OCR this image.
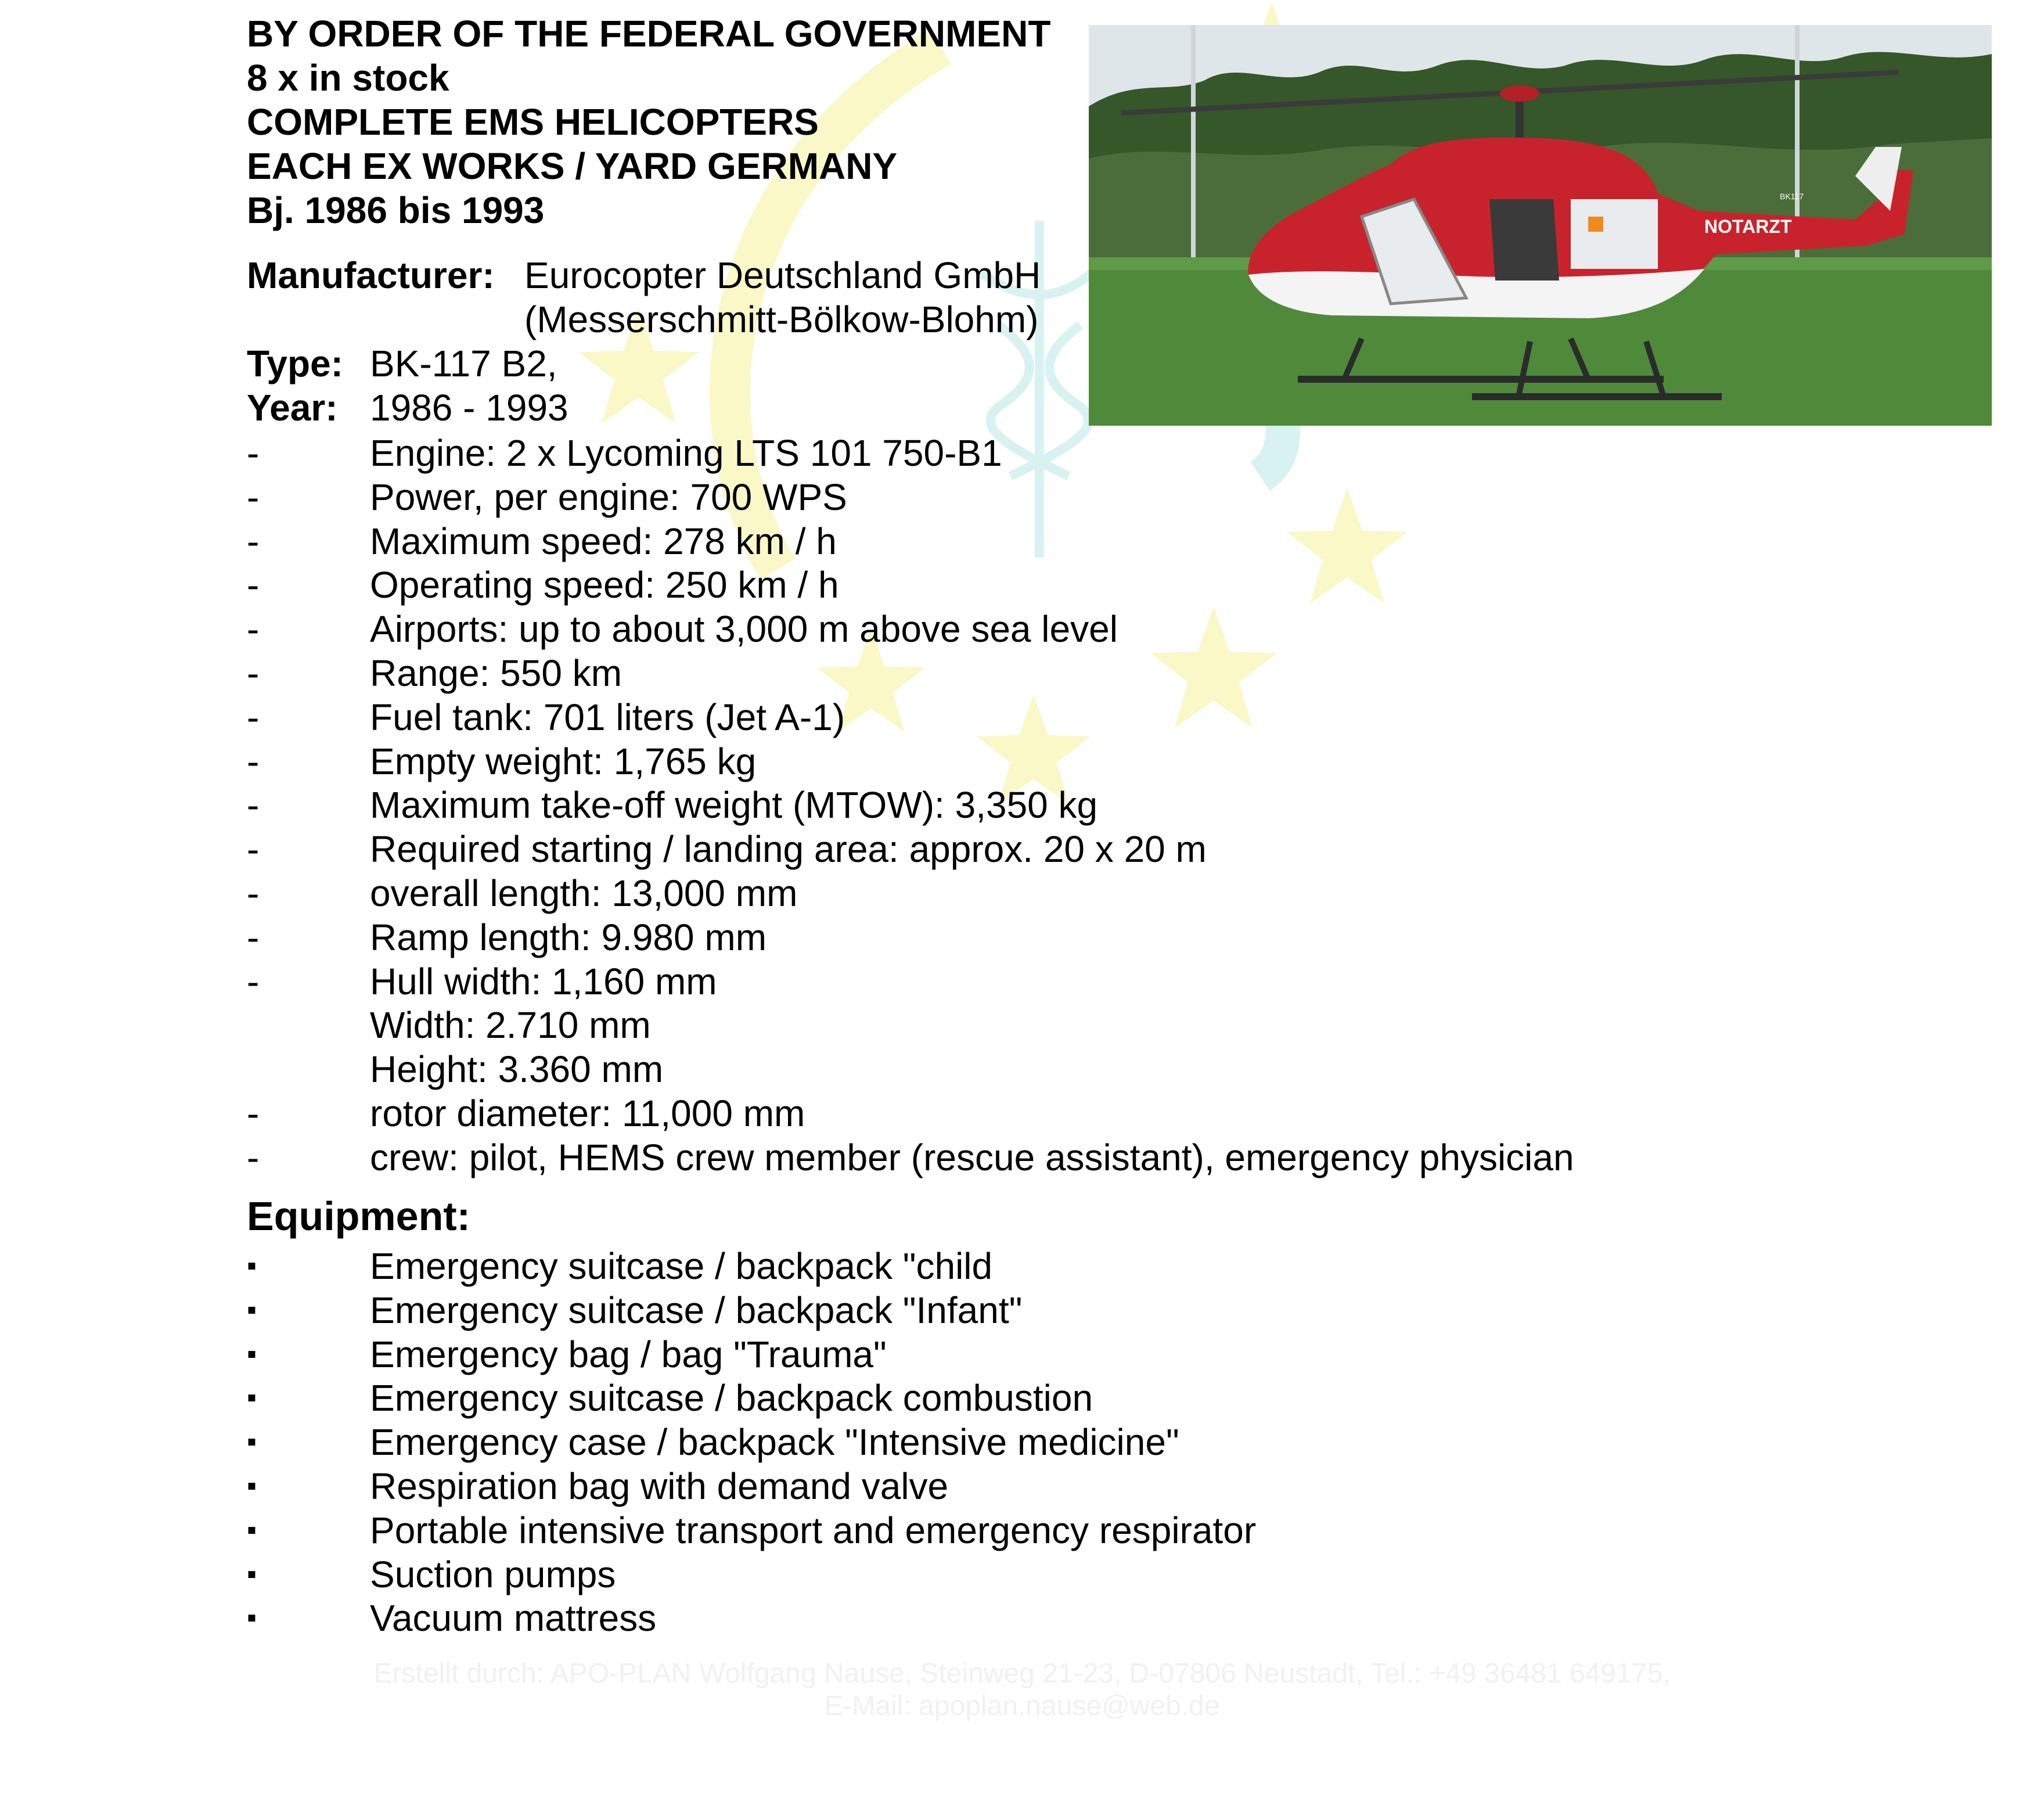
BY ORDER OF THE FEDERAL GOVERNMENT
8 x in stock
COMPLETE EMS HELICOPTERS
EACH EX WORKS / YARD GERMANY
Bj. 1986 bis 1993	NOTARZT
BK117
Manufacturer: Eurocopter Deutschland GmbH
(Messerschmitt-Bölkow-Blohm)
Type: BK-117 B2,
Year: 1986 - 1993
-	Engine: 2 x Lycoming LTS 101 750-B1
-	Power, per engine: 700 WPS
-	Maximum speed: 278 km / h
-	Operating speed: 250 km / h
-	Airports: up to about 3,000 m above sea level
-	Range: 550 km
-	Fuel tank: 701 liters (Jet A-1)
-	Empty weight: 1,765 kg
-	Maximum take-off weight (MTOW): 3,350 kg
-	Required starting / landing area: approx. 20 x 20 m
-	overall length: 13,000 mm
-	Ramp length: 9.980 mm
-	Hull width: 1,160 mm
Width: 2.710 mm
Height: 3.360 mm
-	rotor diameter: 11,000 mm
-	crew: pilot, HEMS crew member (rescue assistant), emergency physician
Equipment:
▪	Emergency suitcase / backpack "child
▪	Emergency suitcase / backpack "Infant"
▪	Emergency bag / bag "Trauma"
▪	Emergency suitcase / backpack combustion
▪	Emergency case / backpack "Intensive medicine"
▪	Respiration bag with demand valve
▪	Portable intensive transport and emergency respirator
▪	Suction pumps
▪	Vacuum mattress
Erstellt durch: APO-PLAN Wolfgang Nause, Steinweg 21-23, D-07806 Neustadt, Tel.: +49 36481 649175,
E-Mail: apoplan.nause@web.de
